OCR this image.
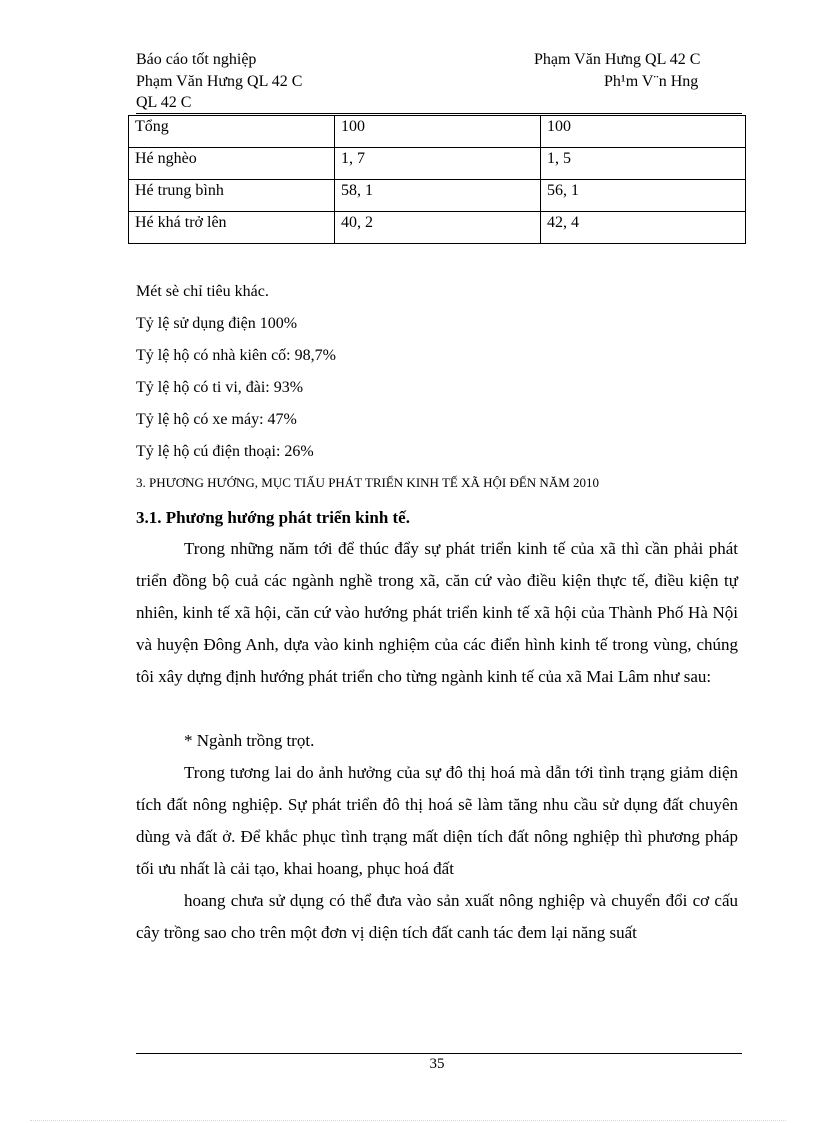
Báo cáo tốt nghiệp	Phạm Văn Hưng QL 42 C
Phạm Văn Hưng QL 42 C	Ph¹m V¨n Hng
QL 42 C
Tổng	100	100
Hé nghèo	1, 7	1, 5
Hé trung bình	58, 1	56, 1
Hé khá trở lên	40, 2	42, 4
Mét sè chỉ tiêu khác.
Tỷ lệ sử dụng điện 100%
Tỷ lệ hộ có nhà kiên cố: 98,7%
Tỷ lệ hộ có ti vi, đài: 93%
Tỷ lệ hộ có xe máy: 47%
Tỷ lệ hộ cú điện thoại: 26%
3. PHƯƠNG HƯỚNG, MỤC TIẤU PHÁT TRIỂN KINH TẾ XÃ HỘI ĐẾN NĂM 2010
3.1. Phương hướng phát triển kinh tế.
Trong những năm tới để thúc đẩy sự phát triển kinh tế của xã thì cần phải phát triển đồng bộ cuả các ngành nghề trong xã, căn cứ vào điều kiện thực tế, điều kiện tự nhiên, kinh tế xã hội, căn cứ vào hướng phát triển kinh tế xã hội của Thành Phố Hà Nội và huyện Đông Anh, dựa vào kinh nghiệm của các điển hình kinh tế trong vùng, chúng tôi xây dựng định hướng phát triển cho từng ngành kinh tế của xã Mai Lâm như sau:
* Ngành trồng trọt.
Trong tương lai do ảnh hưởng của sự đô thị hoá mà dẫn tới tình trạng giảm diện tích đất nông nghiệp. Sự phát triển đô thị hoá sẽ làm tăng nhu cầu sử dụng đất chuyên dùng và đất ở. Để khắc phục tình trạng mất diện tích đất nông nghiệp thì phương pháp tối ưu nhất là cải tạo, khai hoang, phục hoá đất
hoang chưa sử dụng có thể đưa vào sản xuất nông nghiệp và chuyển đổi cơ cấu cây trồng sao cho trên một đơn vị diện tích đất canh tác đem lại năng suất
35
